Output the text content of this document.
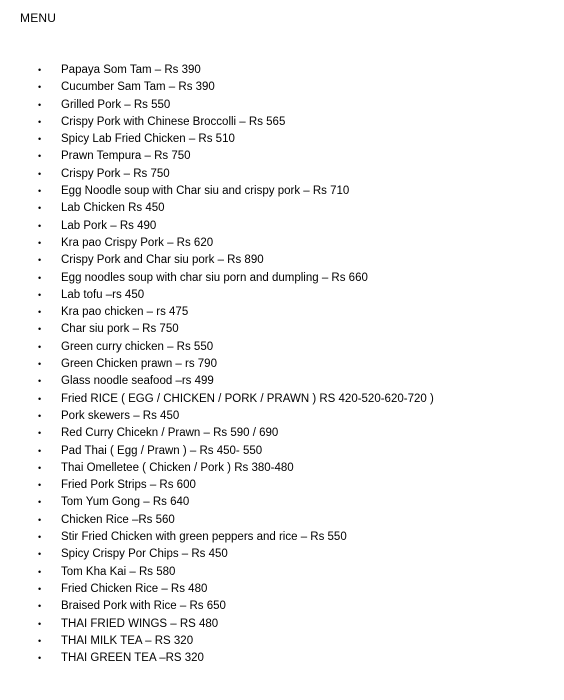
MENU
•	Papaya Som Tam – Rs 390
•	Cucumber Sam Tam – Rs 390
•	Grilled Pork – Rs 550
•	Crispy Pork with Chinese Broccolli – Rs 565
•	Spicy Lab Fried Chicken – Rs 510
•	Prawn Tempura – Rs 750
•	Crispy Pork – Rs 750
•	Egg Noodle soup with Char siu and crispy pork – Rs 710
•	Lab Chicken Rs 450
•	Lab Pork – Rs 490
•	Kra pao Crispy Pork – Rs 620
•	Crispy Pork and Char siu pork – Rs 890
•	Egg noodles soup with char siu porn and dumpling – Rs 660
•	Lab tofu –rs 450
•	Kra pao chicken – rs 475
•	Char siu pork – Rs 750
•	Green curry chicken – Rs 550
•	Green Chicken prawn – rs 790
•	Glass noodle seafood –rs 499
•	Fried RICE ( EGG / CHICKEN / PORK / PRAWN ) RS 420-520-620-720 )
•	Pork skewers – Rs 450
•	Red Curry Chicekn / Prawn – Rs 590 / 690
•	Pad Thai ( Egg / Prawn ) – Rs 450- 550
•	Thai Omelletee ( Chicken / Pork ) Rs 380-480
•	Fried Pork Strips – Rs 600
•	Tom Yum Gong – Rs 640
•	Chicken Rice –Rs 560
•	Stir Fried Chicken with green peppers and rice – Rs 550
•	Spicy Crispy Por Chips – Rs 450
•	Tom Kha Kai – Rs 580
•	Fried Chicken Rice – Rs 480
•	Braised Pork with Rice – Rs 650
•	THAI FRIED WINGS – RS 480
•	THAI MILK TEA – RS 320
•	THAI GREEN TEA –RS 320
